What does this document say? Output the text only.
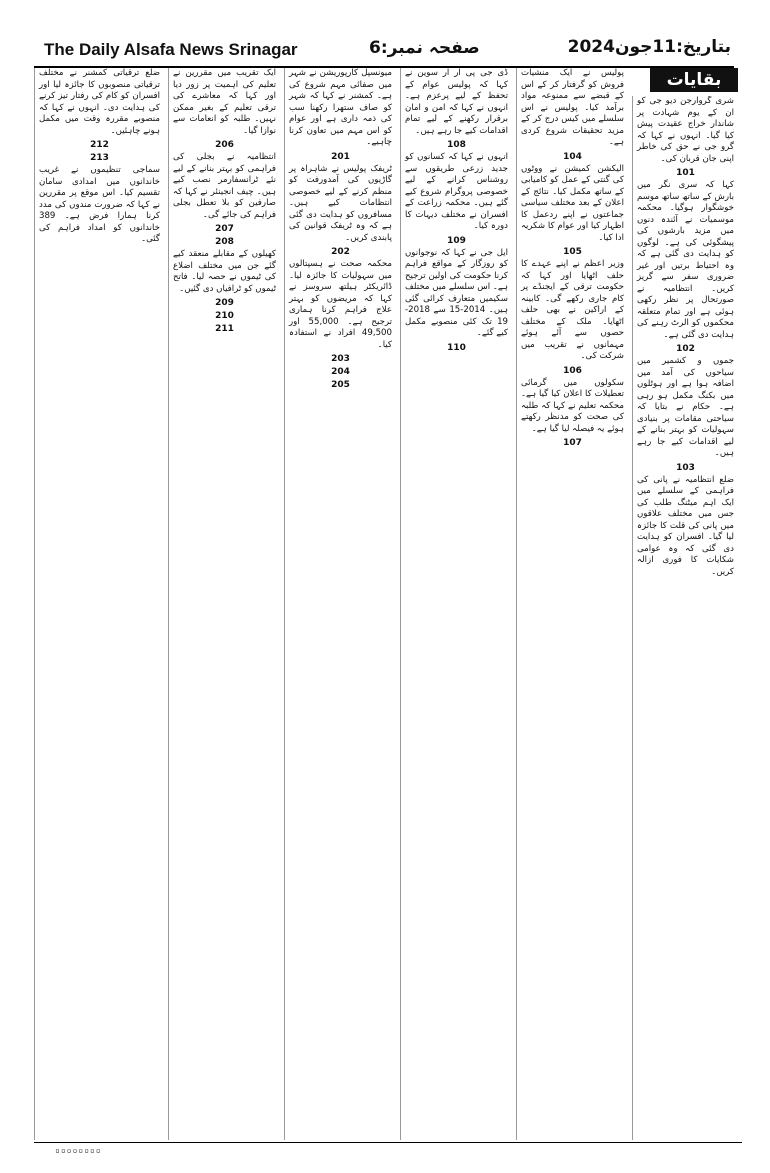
The Daily Alsafa News Srinagar	صفحہ نمبر:6	بتاریخ:11جون2024
بقایات
شری گروارجن دیو جی کو ان کے یوم شہادت پر شاندار خراج عقیدت پیش کیا گیا۔ انہوں نے کہا کہ گرو جی نے حق کی خاطر اپنی جان قربان کی۔
101
کہا کہ سری نگر میں بارش کے ساتھ ساتھ موسم خوشگوار ہوگیا۔ محکمہ موسمیات نے آئندہ دنوں میں مزید بارشوں کی پیشگوئی کی ہے۔ لوگوں کو ہدایت دی گئی ہے کہ وہ احتیاط برتیں اور غیر ضروری سفر سے گریز کریں۔ انتظامیہ نے صورتحال پر نظر رکھی ہوئی ہے اور تمام متعلقہ محکموں کو الرٹ رہنے کی ہدایت دی گئی ہے۔
102
جموں و کشمیر میں سیاحوں کی آمد میں اضافہ ہوا ہے اور ہوٹلوں میں بکنگ مکمل ہو رہی ہے۔ حکام نے بتایا کہ سیاحتی مقامات پر بنیادی سہولیات کو بہتر بنانے کے لیے اقدامات کیے جا رہے ہیں۔
103
ضلع انتظامیہ نے پانی کی فراہمی کے سلسلے میں ایک اہم میٹنگ طلب کی جس میں مختلف علاقوں میں پانی کی قلت کا جائزہ لیا گیا۔ افسران کو ہدایت دی گئی کہ وہ عوامی شکایات کا فوری ازالہ کریں۔
پولیس نے ایک منشیات فروش کو گرفتار کر کے اس کے قبضے سے ممنوعہ مواد برآمد کیا۔ پولیس نے اس سلسلے میں کیس درج کر کے مزید تحقیقات شروع کردی ہے۔
104
الیکشن کمیشن نے ووٹوں کی گنتی کے عمل کو کامیابی کے ساتھ مکمل کیا۔ نتائج کے اعلان کے بعد مختلف سیاسی جماعتوں نے اپنے ردعمل کا اظہار کیا اور عوام کا شکریہ ادا کیا۔
105
وزیر اعظم نے اپنے عہدے کا حلف اٹھایا اور کہا کہ حکومت ترقی کے ایجنڈے پر کام جاری رکھے گی۔ کابینہ کے اراکین نے بھی حلف اٹھایا۔ ملک کے مختلف حصوں سے آئے ہوئے مہمانوں نے تقریب میں شرکت کی۔
106
سکولوں میں گرمائی تعطیلات کا اعلان کیا گیا ہے۔ محکمہ تعلیم نے کہا کہ طلبہ کی صحت کو مدنظر رکھتے ہوئے یہ فیصلہ لیا گیا ہے۔
107
ڈی جی پی آر آر سوین نے کہا کہ پولیس عوام کے تحفظ کے لیے پرعزم ہے۔ انہوں نے کہا کہ امن و امان برقرار رکھنے کے لیے تمام اقدامات کیے جا رہے ہیں۔
108
انہوں نے کہا کہ کسانوں کو جدید زرعی طریقوں سے روشناس کرانے کے لیے خصوصی پروگرام شروع کیے گئے ہیں۔ محکمہ زراعت کے افسران نے مختلف دیہات کا دورہ کیا۔
109
ایل جی نے کہا کہ نوجوانوں کو روزگار کے مواقع فراہم کرنا حکومت کی اولین ترجیح ہے۔ اس سلسلے میں مختلف سکیمیں متعارف کرائی گئی ہیں۔ 2014-15 سے 2018-19 تک کئی منصوبے مکمل کیے گئے۔
110
میونسپل کارپوریشن نے شہر میں صفائی مہم شروع کی ہے۔ کمشنر نے کہا کہ شہر کو صاف ستھرا رکھنا سب کی ذمہ داری ہے اور عوام کو اس مہم میں تعاون کرنا چاہیے۔
201
ٹریفک پولیس نے شاہراہ پر گاڑیوں کی آمدورفت کو منظم کرنے کے لیے خصوصی انتظامات کیے ہیں۔ مسافروں کو ہدایت دی گئی ہے کہ وہ ٹریفک قوانین کی پابندی کریں۔
202
محکمہ صحت نے ہسپتالوں میں سہولیات کا جائزہ لیا۔ ڈائریکٹر ہیلتھ سروسز نے کہا کہ مریضوں کو بہتر علاج فراہم کرنا ہماری ترجیح ہے۔ 55,000 اور 49,500 افراد نے استفادہ کیا۔
203
204
205
ایک تقریب میں مقررین نے تعلیم کی اہمیت پر زور دیا اور کہا کہ معاشرے کی ترقی تعلیم کے بغیر ممکن نہیں۔ طلبہ کو انعامات سے نوازا گیا۔
206
انتظامیہ نے بجلی کی فراہمی کو بہتر بنانے کے لیے نئے ٹرانسفارمر نصب کیے ہیں۔ چیف انجینئر نے کہا کہ صارفین کو بلا تعطل بجلی فراہم کی جائے گی۔
207
208
کھیلوں کے مقابلے منعقد کیے گئے جن میں مختلف اضلاع کی ٹیموں نے حصہ لیا۔ فاتح ٹیموں کو ٹرافیاں دی گئیں۔
209
210
211
ضلع ترقیاتی کمشنر نے مختلف ترقیاتی منصوبوں کا جائزہ لیا اور افسران کو کام کی رفتار تیز کرنے کی ہدایت دی۔ انہوں نے کہا کہ منصوبے مقررہ وقت میں مکمل ہونے چاہئیں۔
212
213
سماجی تنظیموں نے غریب خاندانوں میں امدادی سامان تقسیم کیا۔ اس موقع پر مقررین نے کہا کہ ضرورت مندوں کی مدد کرنا ہمارا فرض ہے۔ 389 خاندانوں کو امداد فراہم کی گئی۔
▫▫▫▫▫▫▫▫
